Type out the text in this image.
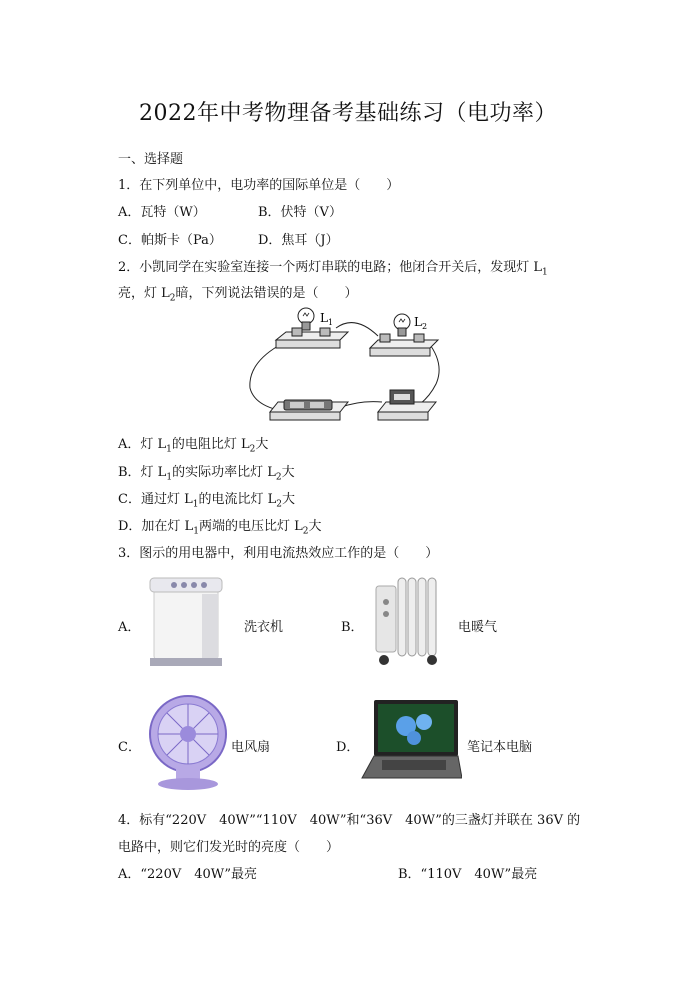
2022年中考物理备考基础练习（电功率）
一、选择题
1．在下列单位中，电功率的国际单位是（　　）
A．瓦特（W）	B．伏特（V）
C．帕斯卡（Pa）	D．焦耳（J）
2．小凯同学在实验室连接一个两灯串联的电路；他闭合开关后，发现灯 $L_1$
亮，灯 $L_2$暗，下列说法错误的是（　　）
$L_1$	$L_2$
A．灯 $L_1$的电阻比灯 $L_2$大
B．灯 $L_1$的实际功率比灯 $L_2$大
C．通过灯 $L_1$的电流比灯 $L_2$大
D．加在灯 $L_1$两端的电压比灯 $L_2$大
3．图示的用电器中，利用电流热效应工作的是（　　）
A．	洗衣机	B．	电暖气
C．	电风扇	D．	笔记本电脑
4．标有“220V　40W”“110V　40W”和“36V　40W”的三盏灯并联在 36V 的
电路中，则它们发光时的亮度（　　）
A．“220V　40W”最亮	B．“110V　40W”最亮
